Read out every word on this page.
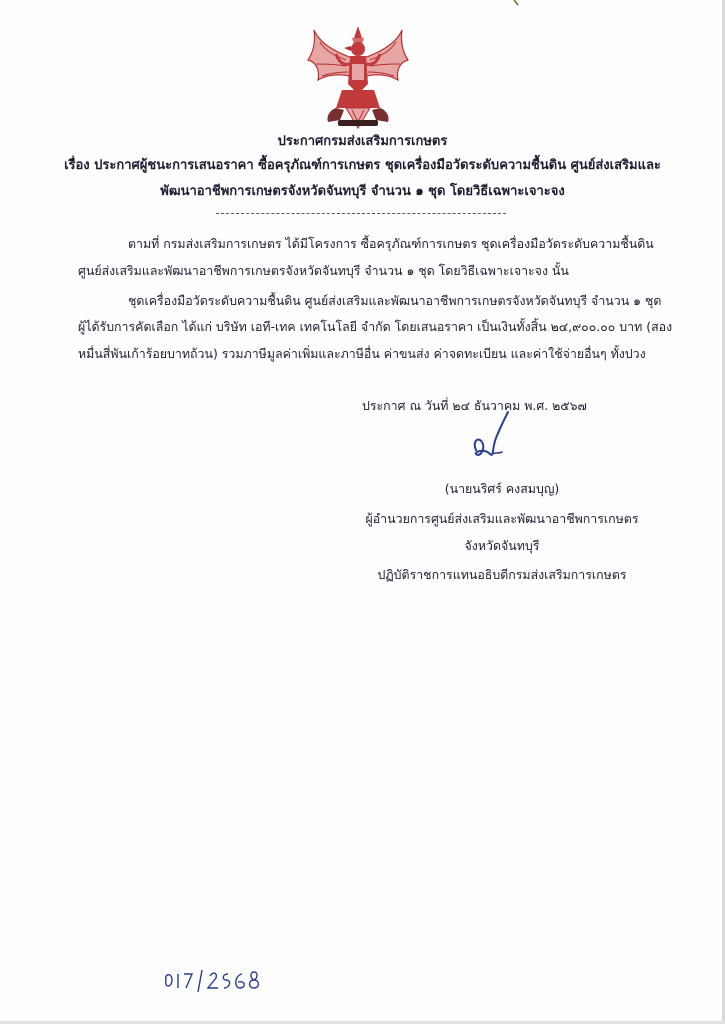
ประกาศกรมส่งเสริมการเกษตร
เรื่อง ประกาศผู้ชนะการเสนอราคา ซื้อครุภัณฑ์การเกษตร ชุดเครื่องมือวัดระดับความชื้นดิน ศูนย์ส่งเสริมและ
พัฒนาอาชีพการเกษตรจังหวัดจันทบุรี จำนวน ๑ ชุด โดยวิธีเฉพาะเจาะจง
ตามที่ กรมส่งเสริมการเกษตร ได้มีโครงการ ซื้อครุภัณฑ์การเกษตร ชุดเครื่องมือวัดระดับความชื้นดิน
ศูนย์ส่งเสริมและพัฒนาอาชีพการเกษตรจังหวัดจันทบุรี จำนวน ๑ ชุด โดยวิธีเฉพาะเจาะจง นั้น
ชุดเครื่องมือวัดระดับความชื้นดิน ศูนย์ส่งเสริมและพัฒนาอาชีพการเกษตรจังหวัดจันทบุรี จำนวน ๑ ชุด
ผู้ได้รับการคัดเลือก ได้แก่ บริษัท เอที-เทค เทคโนโลยี จำกัด โดยเสนอราคา เป็นเงินทั้งสิ้น ๒๔,๙๐๐.๐๐ บาท (สอง
หมื่นสี่พันเก้าร้อยบาทถ้วน) รวมภาษีมูลค่าเพิ่มและภาษีอื่น ค่าขนส่ง ค่าจดทะเบียน และค่าใช้จ่ายอื่นๆ ทั้งปวง
ประกาศ ณ วันที่ ๒๔ ธันวาคม พ.ศ. ๒๕๖๗
(นายนริศร์ คงสมบุญ)
ผู้อำนวยการศูนย์ส่งเสริมและพัฒนาอาชีพการเกษตร
จังหวัดจันทบุรี
ปฏิบัติราชการแทนอธิบดีกรมส่งเสริมการเกษตร
